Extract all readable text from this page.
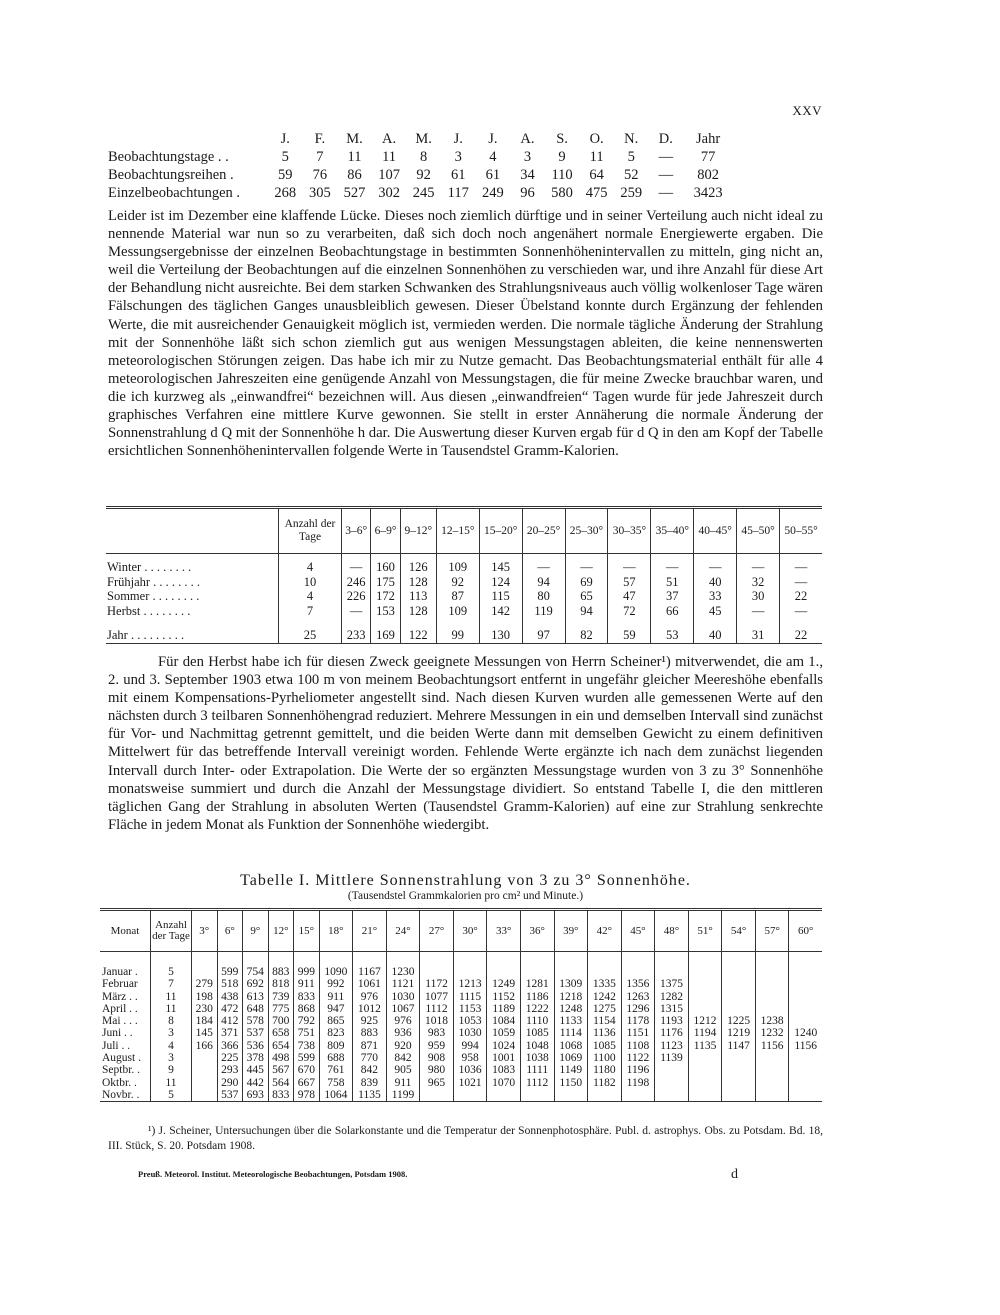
XXV
J.	F.	M.	A.	M.	J.	J.	A.	S.	O.	N.	D.	Jahr
Beobachtungstage . .	5	7	11	11	8	3	4	3	9	11	5	—	77
Beobachtungsreihen .	59	76	86	107	92	61	61	34	110	64	52	—	802
Einzelbeobachtungen .	268 305 527 302 245 117 249	96	580 475 259	—	3423

Leider ist im Dezember eine klaffende Lücke. Dieses noch ziemlich dürftige und in seiner Verteilung auch nicht ideal zu nennende Material war nun so zu verarbeiten, daß sich doch noch angenähert normale Energiewerte ergaben. Die Messungsergebnisse der einzelnen Beobachtungstage in bestimmten Sonnenhöhenintervallen zu mitteln, ging nicht an, weil die Verteilung der Beobachtungen auf die einzelnen Sonnenhöhen zu verschieden war, und ihre Anzahl für diese Art der Behandlung nicht ausreichte. Bei dem starken Schwanken des Strahlungsniveaus auch völlig wolkenloser Tage wären Fälschungen des täglichen Ganges unausbleiblich gewesen. Dieser Übelstand konnte durch Ergänzung der fehlenden Werte, die mit ausreichender Genauigkeit möglich ist, vermieden werden. Die normale tägliche Änderung der Strahlung mit der Sonnenhöhe läßt sich schon ziemlich gut aus wenigen Messungstagen ableiten, die keine nennenswerten meteorologischen Störungen zeigen. Das habe ich mir zu Nutze gemacht. Das Beobachtungsmaterial enthält für alle 4 meteorologischen Jahreszeiten eine genügende Anzahl von Messungstagen, die für meine Zwecke brauchbar waren, und die ich kurzweg als „einwandfrei“ bezeichnen will. Aus diesen „einwandfreien“ Tagen wurde für jede Jahreszeit durch graphisches Verfahren eine mittlere Kurve gewonnen. Sie stellt in erster Annäherung die normale Änderung der Sonnenstrahlung d Q mit der Sonnenhöhe h dar. Die Auswertung dieser Kurven ergab für d Q in den am Kopf der Tabelle ersichtlichen Sonnenhöhenintervallen folgende Werte in Tausendstel Gramm-Kalorien.

	Anzahl der Tage	3–6°	6–9°	9–12°	12–15°	15–20°	20–25°	25–30°	30–35°	35–40°	40–45°	45–50°	50–55°

Winter . . . . . . . .	4	—	160	126	109	145	—	—	—	—	—	—	—
Frühjahr . . . . . . . .	10	246	175	128	92	124	94	69	57	51	40	32	—
Sommer . . . . . . . .	4	226	172	113	87	115	80	65	47	37	33	30	22
Herbst . . . . . . . .	7	—	153	128	109	142	119	94	72	66	45	—	—
Jahr . . . . . . . . .	25	233	169	122	99	130	97	82	59	53	40	31	22

Für den Herbst habe ich für diesen Zweck geeignete Messungen von Herrn Scheiner¹) mitverwendet, die am 1., 2. und 3. September 1903 etwa 100 m von meinem Beobachtungsort entfernt in ungefähr gleicher Meereshöhe ebenfalls mit einem Kompensations-Pyrheliometer angestellt sind. Nach diesen Kurven wurden alle gemessenen Werte auf den nächsten durch 3 teilbaren Sonnenhöhengrad reduziert. Mehrere Messungen in ein und demselben Intervall sind zunächst für Vor- und Nachmittag getrennt gemittelt, und die beiden Werte dann mit demselben Gewicht zu einem definitiven Mittelwert für das betreffende Intervall vereinigt worden. Fehlende Werte ergänzte ich nach dem zunächst liegenden Intervall durch Inter- oder Extrapolation. Die Werte der so ergänzten Messungstage wurden von 3 zu 3° Sonnenhöhe monatsweise summiert und durch die Anzahl der Messungstage dividiert. So entstand Tabelle I, die den mittleren täglichen Gang der Strahlung in absoluten Werten (Tausendstel Gramm-Kalorien) auf eine zur Strahlung senkrechte Fläche in jedem Monat als Funktion der Sonnenhöhe wiedergibt.

Tabelle I. Mittlere Sonnenstrahlung von 3 zu 3° Sonnenhöhe.
(Tausendstel Grammkalorien pro cm² und Minute.)
Monat	Anzahl der Tage	3°	6°	9°	12°	15°	18°	21°	24°	27°	30°	33°	36°	39°	42°	45°	48°	51°	54°	57°	60°
Januar .	5		599	754	883	999	1090	1167	1230												
Februar	7	279	518	692	818	911	992	1061	1121	1172	1213	1249	1281	1309	1335	1356	1375				
März . .	11	198	438	613	739	833	911	976	1030	1077	1115	1152	1186	1218	1242	1263	1282				
April . .	11	230	472	648	775	868	947	1012	1067	1112	1153	1189	1222	1248	1275	1296	1315				
Mai . . .	8	184	412	578	700	792	865	925	976	1018	1053	1084	1110	1133	1154	1178	1193	1212	1225	1238	
Juni . .	3	145	371	537	658	751	823	883	936	983	1030	1059	1085	1114	1136	1151	1176	1194	1219	1232	1240
Juli . .	4	166	366	536	654	738	809	871	920	959	994	1024	1048	1068	1085	1108	1123	1135	1147	1156	1156
August .	3		225	378	498	599	688	770	842	908	958	1001	1038	1069	1100	1122	1139				
Septbr. .	9		293	445	567	670	761	842	905	980	1036	1083	1111	1149	1180	1196					
Oktbr. .	11		290	442	564	667	758	839	911	965	1021	1070	1112	1150	1182	1198					
Novbr. .	5		537	693	833	978	1064	1135	1199												

¹) J. Scheiner, Untersuchungen über die Solarkonstante und die Temperatur der Sonnenphotosphäre. Publ. d. astrophys. Obs. zu Potsdam. Bd. 18, III. Stück, S. 20. Potsdam 1908.

Preuß. Meteorol. Institut. Meteorologische Beobachtungen, Potsdam 1908.	d
